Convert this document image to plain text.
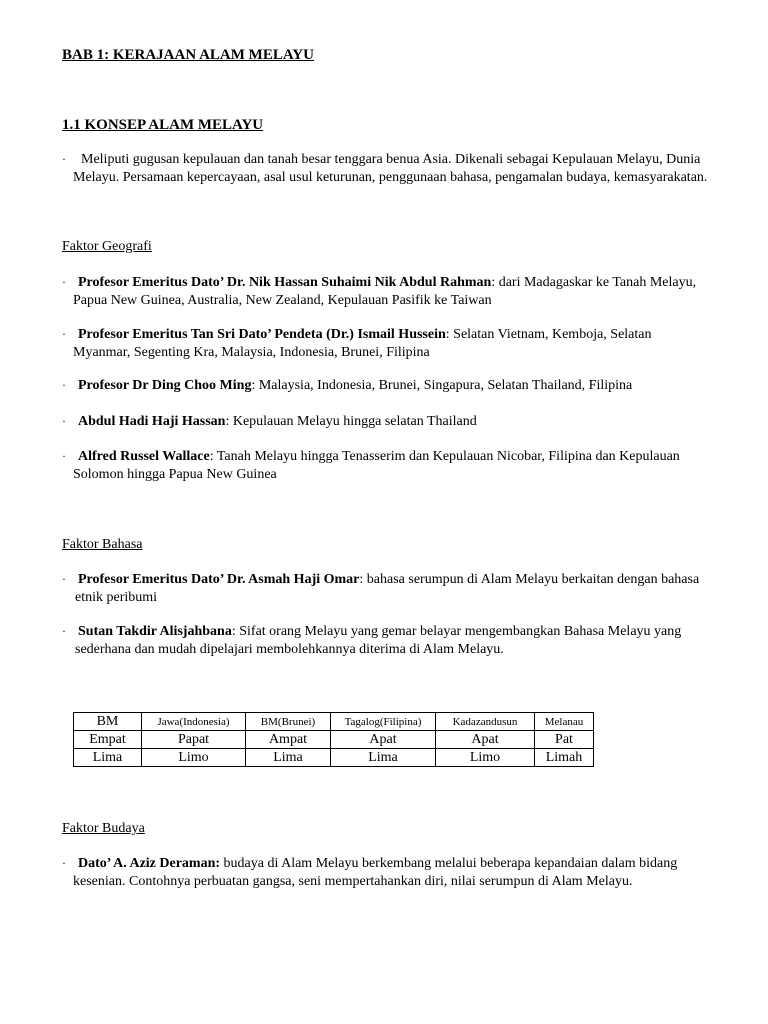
BAB 1: KERAJAAN ALAM MELAYU
1.1 KONSEP ALAM MELAYU
·	Meliputi gugusan kepulauan dan tanah besar tenggara benua Asia. Dikenali sebagai Kepulauan Melayu, Dunia
Melayu. Persamaan kepercayaan, asal usul keturunan, penggunaan bahasa, pengamalan budaya, kemasyarakatan.
Faktor Geografi
· Profesor Emeritus Dato’ Dr. Nik Hassan Suhaimi Nik Abdul Rahman: dari Madagaskar ke Tanah Melayu,
Papua New Guinea, Australia, New Zealand, Kepulauan Pasifik ke Taiwan
· Profesor Emeritus Tan Sri Dato’ Pendeta (Dr.) Ismail Hussein: Selatan Vietnam, Kemboja, Selatan
Myanmar, Segenting Kra, Malaysia, Indonesia, Brunei, Filipina
· Profesor Dr Ding Choo Ming: Malaysia, Indonesia, Brunei, Singapura, Selatan Thailand, Filipina
· Abdul Hadi Haji Hassan: Kepulauan Melayu hingga selatan Thailand
· Alfred Russel Wallace: Tanah Melayu hingga Tenasserim dan Kepulauan Nicobar, Filipina dan Kepulauan
Solomon hingga Papua New Guinea
Faktor Bahasa
· Profesor Emeritus Dato’ Dr. Asmah Haji Omar: bahasa serumpun di Alam Melayu berkaitan dengan bahasa
etnik peribumi
· Sutan Takdir Alisjahbana: Sifat orang Melayu yang gemar belayar mengembangkan Bahasa Melayu yang
sederhana dan mudah dipelajari membolehkannya diterima di Alam Melayu.
BM	Jawa(Indonesia)	BM(Brunei)	Tagalog(Filipina)	Kadazandusun	Melanau
Empat	Papat	Ampat	Apat	Apat	Pat
Lima	Limo	Lima	Lima	Limo	Limah
Faktor Budaya
· Dato’ A. Aziz Deraman: budaya di Alam Melayu berkembang melalui beberapa kepandaian dalam bidang
kesenian. Contohnya perbuatan gangsa, seni mempertahankan diri, nilai serumpun di Alam Melayu.
